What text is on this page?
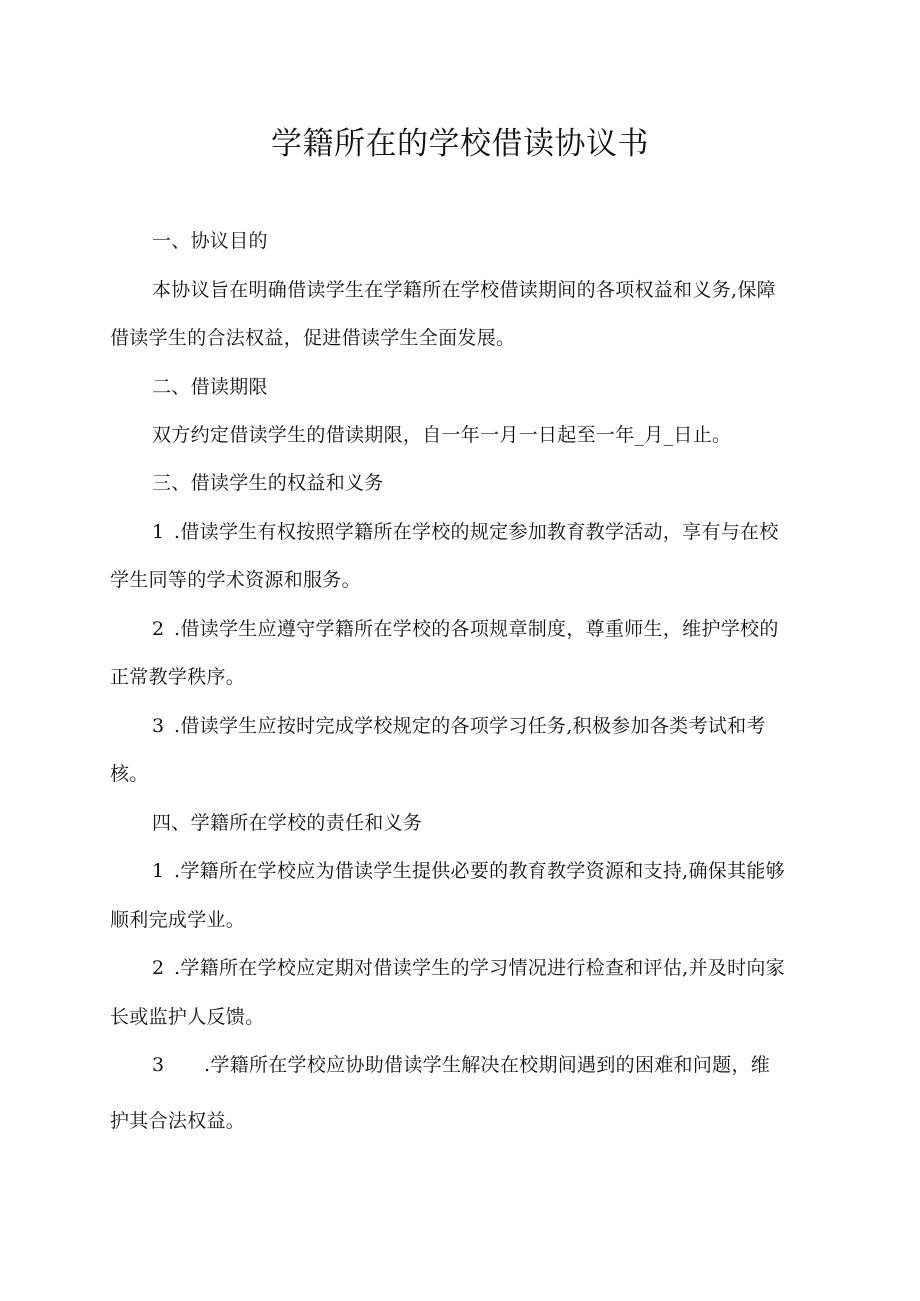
学籍所在的学校借读协议书
一、协议目的
本协议旨在明确借读学生在学籍所在学校借读期间的各项权益和义务,保障
借读学生的合法权益，促进借读学生全面发展。
二、借读期限
双方约定借读学生的借读期限，自一年一月一日起至一年_月_日止。
三、借读学生的权益和义务
1 .借读学生有权按照学籍所在学校的规定参加教育教学活动，享有与在校
学生同等的学术资源和服务。
2 .借读学生应遵守学籍所在学校的各项规章制度，尊重师生，维护学校的
正常教学秩序。
3 .借读学生应按时完成学校规定的各项学习任务,积极参加各类考试和考
核。
四、学籍所在学校的责任和义务
1 .学籍所在学校应为借读学生提供必要的教育教学资源和支持,确保其能够
顺利完成学业。
2 .学籍所在学校应定期对借读学生的学习情况进行检查和评估,并及时向家
长或监护人反馈。
3 .学籍所在学校应协助借读学生解决在校期间遇到的困难和问题，维
护其合法权益。
